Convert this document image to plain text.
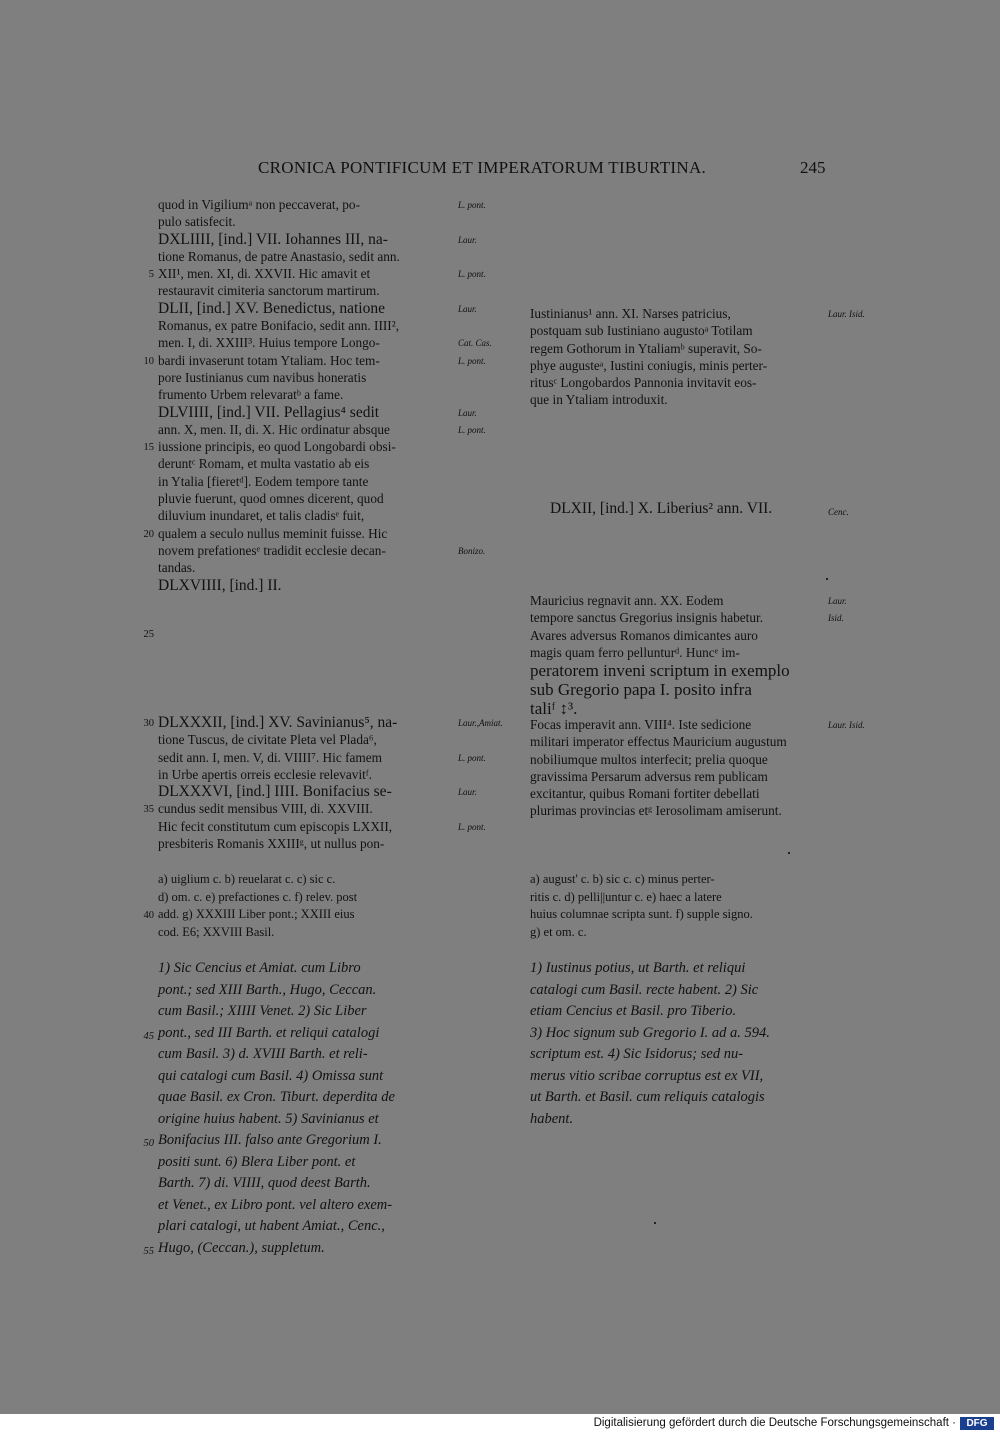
CRONICA PONTIFICUM ET IMPERATORUM TIBURTINA.	245
quod in Vigiliumᵃ non peccaverat, po-	L. pont.
pulo satisfecit.
DXLIIII, [ind.] VII. Iohannes III, na-	Laur.
tione Romanus, de patre Anastasio, sedit ann.
5 XII¹, men. XI, di. XXVII. Hic amavit et	L. pont.
restauravit cimiteria sanctorum martirum.
DLII, [ind.] XV. Benedictus, natione	Laur.
Romanus, ex patre Bonifacio, sedit ann. IIII²,
men. I, di. XXIII³. Huius tempore Longo-	Cat. Cas.
10 bardi invaserunt totam Ytaliam. Hoc tem-	L. pont.
pore Iustinianus cum navibus honeratis
frumento Urbem relevaratᵇ a fame.
DLVIIII, [ind.] VII. Pellagius⁴ sedit	Laur.
ann. X, men. II, di. X. Hic ordinatur absque	L. pont.
15 iussione principis, eo quod Longobardi obsi-
deruntᶜ Romam, et multa vastatio ab eis
in Ytalia [fieretᵈ]. Eodem tempore tante
pluvie fuerunt, quod omnes dicerent, quod
diluvium inundaret, et talis cladisᵉ fuit,
20 qualem a seculo nullus meminit fuisse. Hic
novem prefationesᵉ tradidit ecclesie decan-	Bonizo.
tandas.
DLXVIIII, [ind.] II.
25
30 DLXXXII, [ind.] XV. Savinianus⁵, na-	Laur.,Amiat.
tione Tuscus, de civitate Pleta vel Plada⁶,
sedit ann. I, men. V, di. VIIII⁷. Hic famem	L. pont.
in Urbe apertis orreis ecclesie relevavitᶠ.
DLXXXVI, [ind.] IIII. Bonifacius se-	Laur.
35 cundus sedit mensibus VIII, di. XXVIII.
Hic fecit constitutum cum episcopis LXXII,	L. pont.
presbiteris Romanis XXIIIᵍ, ut nullus pon-
Iustinianus¹ ann. XI. Narses patricius,	Laur. Isid.
postquam sub Iustiniano augustoᵃ Totilam
regem Gothorum in Ytaliamᵇ superavit, So-
phye augusteᵃ, Iustini coniugis, minis perter-
ritusᶜ Longobardos Pannonia invitavit eos-
que in Ytaliam introduxit.
DLXII, [ind.] X. Liberius² ann. VII.	Cenc.
Mauricius regnavit ann. XX. Eodem	Laur.
tempore sanctus Gregorius insignis habetur.	Isid.
Avares adversus Romanos dimicantes auro
magis quam ferro pellunturᵈ. Huncᵉ im-
peratorem inveni scriptum in exemplo
sub Gregorio papa I. posito infra
taliᶠ ↕³.
Focas imperavit ann. VIII⁴. Iste sedicione	Laur. Isid.
militari imperator effectus Mauricium augustum
nobiliumque multos interfecit; prelia quoque
gravissima Persarum adversus rem publicam
excitantur, quibus Romani fortiter debellati
plurimas provincias etᵍ Ierosolimam amiserunt.
a) uiglium c. b) reuelarat c. c) sic c.
d) om. c. e) prefactiones c. f) relev. post
40 add. g) XXXIII Liber pont.; XXIII eius
cod. E6; XXVIII Basil.
a) august' c. b) sic c. c) minus perter-
ritis c. d) pelli||untur c. e) haec a latere
huius columnae scripta sunt. f) supple signo.
g) et om. c.
1) Sic Cencius et Amiat. cum Libro
pont.; sed XIII Barth., Hugo, Ceccan.
cum Basil.; XIIII Venet. 2) Sic Liber
45 pont., sed III Barth. et reliqui catalogi
cum Basil. 3) d. XVIII Barth. et reli-
qui catalogi cum Basil. 4) Omissa sunt
quae Basil. ex Cron. Tiburt. deperdita de
origine huius habent. 5) Savinianus et
50 Bonifacius III. falso ante Gregorium I.
positi sunt. 6) Blera Liber pont. et
Barth. 7) di. VIIII, quod deest Barth.
et Venet., ex Libro pont. vel altero exem-
plari catalogi, ut habent Amiat., Cenc.,
55 Hugo, (Ceccan.), suppletum.
1) Iustinus potius, ut Barth. et reliqui
catalogi cum Basil. recte habent. 2) Sic
etiam Cencius et Basil. pro Tiberio.
3) Hoc signum sub Gregorio I. ad a. 594.
scriptum est. 4) Sic Isidorus; sed nu-
merus vitio scribae corruptus est ex VII,
ut Barth. et Basil. cum reliquis catalogis
habent.
Digitalisierung gefördert durch die Deutsche Forschungsgemeinschaft ·	DFG
